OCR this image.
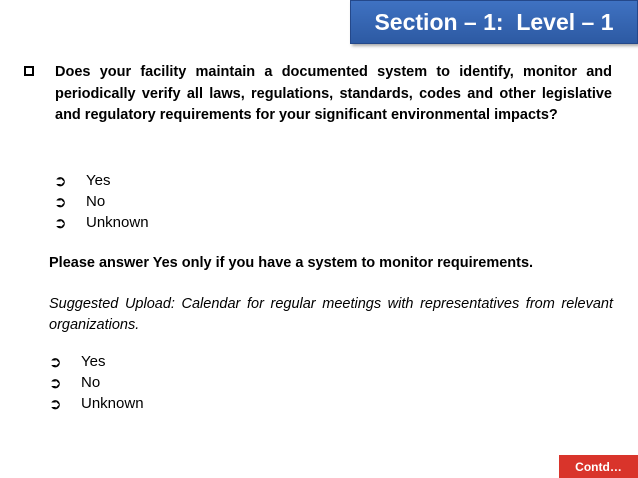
Section – 1:  Level – 1
Does your facility maintain a documented system to identify, monitor and periodically verify all laws, regulations, standards, codes and other legislative and regulatory requirements for your significant environmental impacts?
➲	Yes
➲	No
➲	Unknown
Please answer Yes only if you have a system to monitor requirements.
Suggested Upload: Calendar for regular meetings with representatives from relevant organizations.
➲	Yes
➲	No
➲	Unknown
Contd…
